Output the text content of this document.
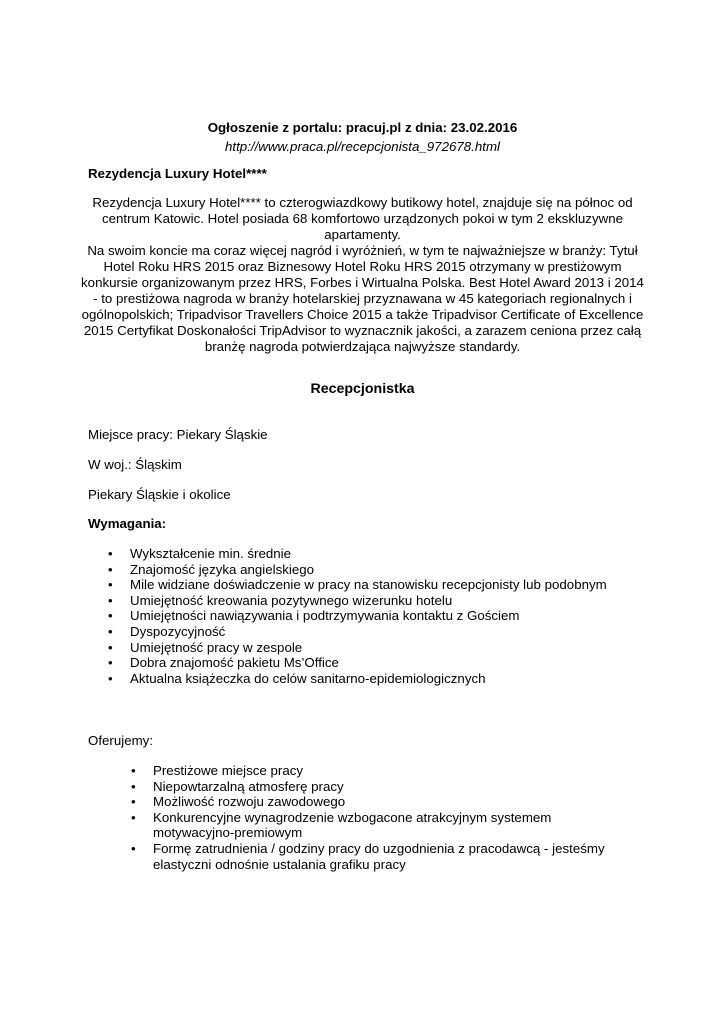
Ogłoszenie z portalu: pracuj.pl z dnia: 23.02.2016
http://www.praca.pl/recepcjonista_972678.html
Rezydencja Luxury Hotel****

Rezydencja Luxury Hotel**** to czterogwiazdkowy butikowy hotel, znajduje się na północ od centrum Katowic. Hotel posiada 68 komfortowo urządzonych pokoi w tym 2 ekskluzywne apartamenty.

Na swoim koncie ma coraz więcej nagród i wyróżnień, w tym te najważniejsze w branży: Tytuł Hotel Roku HRS 2015 oraz Biznesowy Hotel Roku HRS 2015 otrzymany w prestiżowym konkursie organizowanym przez HRS, Forbes i Wirtualna Polska. Best Hotel Award 2013 i 2014 - to prestiżowa nagroda w branży hotelarskiej przyznawana w 45 kategoriach regionalnych i ogólnopolskich; Tripadvisor Travellers Choice 2015 a także Tripadvisor Certificate of Excellence 2015 Certyfikat Doskonałości TripAdvisor to wyznacznik jakości, a zarazem ceniona przez całą branżę nagroda potwierdzająca najwyższe standardy.

Recepcjonistka
Miejsce pracy: Piekary Śląskie
W woj.: Śląskim
Piekary Śląskie i okolice
Wymagania:
• Wykształcenie min. średnie
• Znajomość języka angielskiego
• Mile widziane doświadczenie w pracy na stanowisku recepcjonisty lub podobnym
• Umiejętność kreowania pozytywnego wizerunku hotelu
• Umiejętności nawiązywania i podtrzymywania kontaktu z Gościem
• Dyspozycyjność
• Umiejętność pracy w zespole
• Dobra znajomość pakietu Ms’Office
• Aktualna książeczka do celów sanitarno-epidemiologicznych
Oferujemy:
• Prestiżowe miejsce pracy
• Niepowtarzalną atmosferę pracy
• Możliwość rozwoju zawodowego
• Konkurencyjne wynagrodzenie wzbogacone atrakcyjnym systemem motywacyjno-premiowym
• Formę zatrudnienia / godziny pracy do uzgodnienia z pracodawcą - jesteśmy elastyczni odnośnie ustalania grafiku pracy
